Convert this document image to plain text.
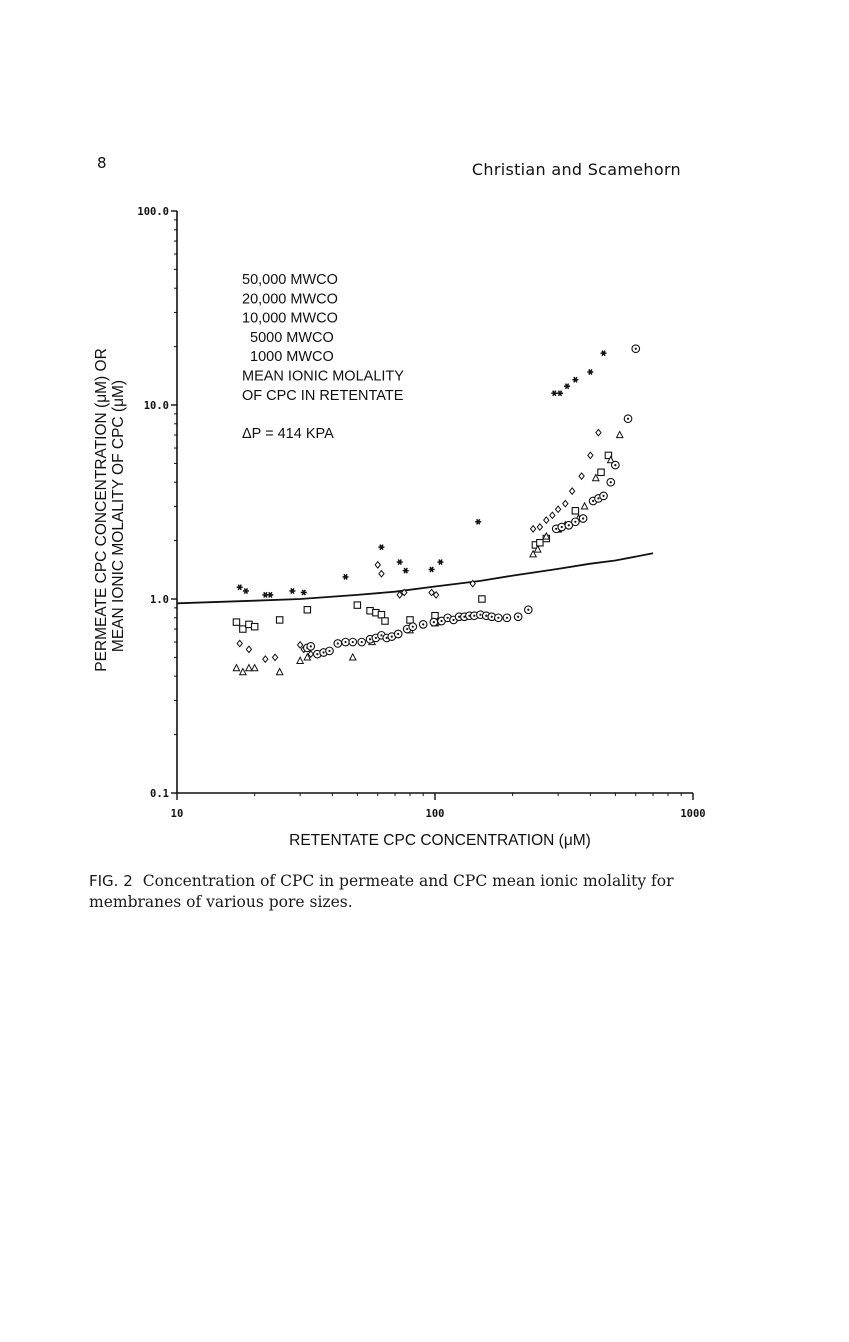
8	Christian and Scamehorn
50,000 MWCO
20,000 MWCO
10,000 MWCO
5000 MWCO
1000 MWCO
MEAN IONIC MOLALITY
OF CPC IN RETENTATE
ΔP = 414 KPA
0.1
1.0
10.0
100.0
10	100	1000
RETENTATE CPC CONCENTRATION (μM)
PERMEATE CPC CONCENTRATION (μM) OR MEAN IONIC MOLALITY OF CPC (μM)
FIG. 2 Concentration of CPC in permeate and CPC mean ionic molality for membranes of various pore sizes.
